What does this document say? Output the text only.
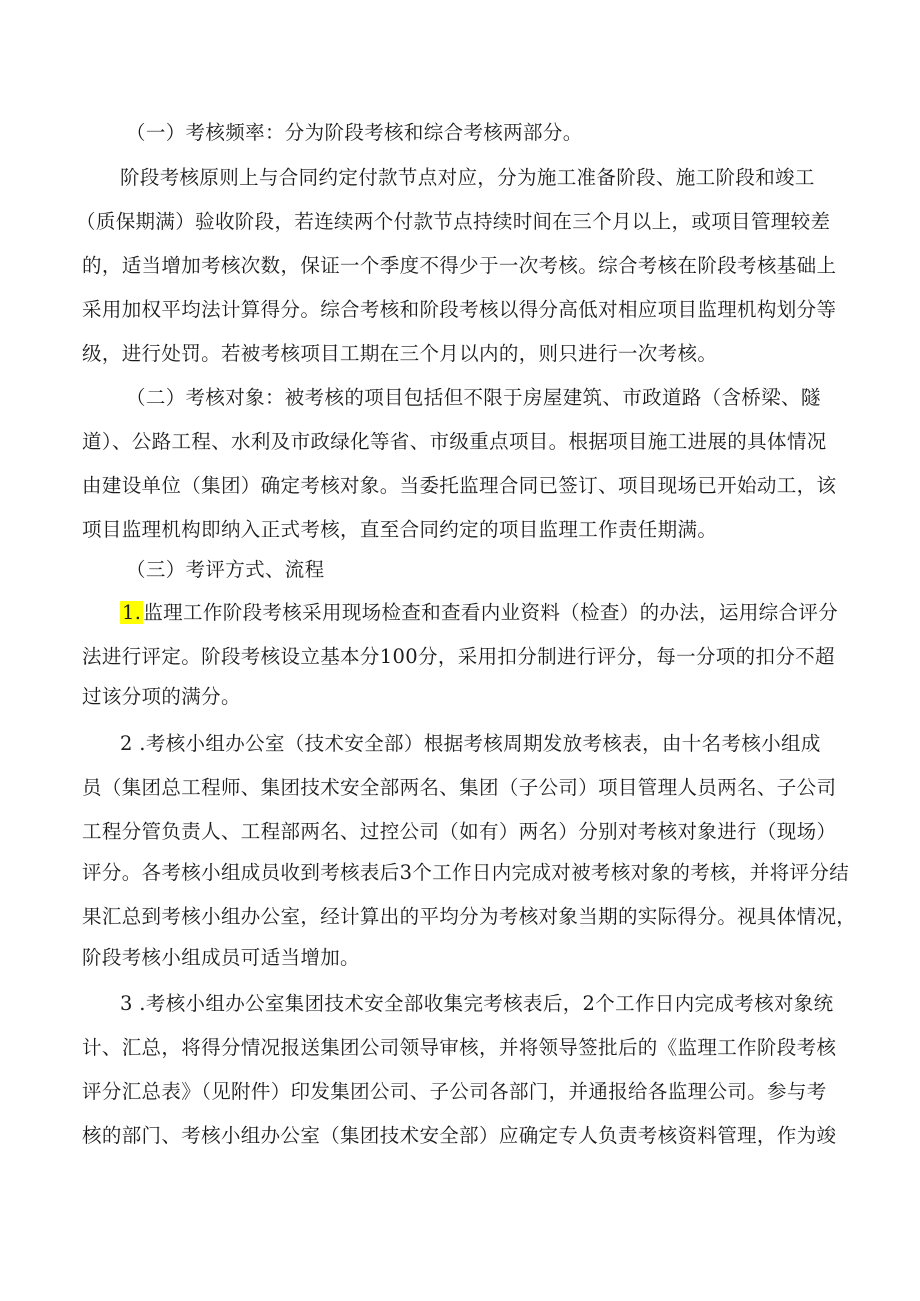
（一）考核频率：分为阶段考核和综合考核两部分。
阶段考核原则上与合同约定付款节点对应，分为施工准备阶段、施工阶段和竣工
（质保期满）验收阶段，若连续两个付款节点持续时间在三个月以上，或项目管理较差
的，适当增加考核次数，保证一个季度不得少于一次考核。综合考核在阶段考核基础上
采用加权平均法计算得分。综合考核和阶段考核以得分高低对相应项目监理机构划分等
级，进行处罚。若被考核项目工期在三个月以内的，则只进行一次考核。
（二）考核对象：被考核的项目包括但不限于房屋建筑、市政道路（含桥梁、隧
道）、公路工程、水利及市政绿化等省、市级重点项目。根据项目施工进展的具体情况
由建设单位（集团）确定考核对象。当委托监理合同已签订、项目现场已开始动工，该
项目监理机构即纳入正式考核，直至合同约定的项目监理工作责任期满。
（三）考评方式、流程
1. 监理工作阶段考核采用现场检查和查看内业资料（检查）的办法，运用综合评分
法进行评定。阶段考核设立基本分100分，采用扣分制进行评分，每一分项的扣分不超
过该分项的满分。
2 .考核小组办公室（技术安全部）根据考核周期发放考核表，由十名考核小组成
员（集团总工程师、集团技术安全部两名、集团（子公司）项目管理人员两名、子公司
工程分管负责人、工程部两名、过控公司（如有）两名）分别对考核对象进行（现场）
评分。各考核小组成员收到考核表后3个工作日内完成对被考核对象的考核，并将评分结
果汇总到考核小组办公室，经计算出的平均分为考核对象当期的实际得分。视具体情况，
阶段考核小组成员可适当增加。
3 .考核小组办公室集团技术安全部收集完考核表后，2个工作日内完成考核对象统
计、汇总，将得分情况报送集团公司领导审核，并将领导签批后的《监理工作阶段考核
评分汇总表》（见附件）印发集团公司、子公司各部门，并通报给各监理公司。参与考
核的部门、考核小组办公室（集团技术安全部）应确定专人负责考核资料管理，作为竣
